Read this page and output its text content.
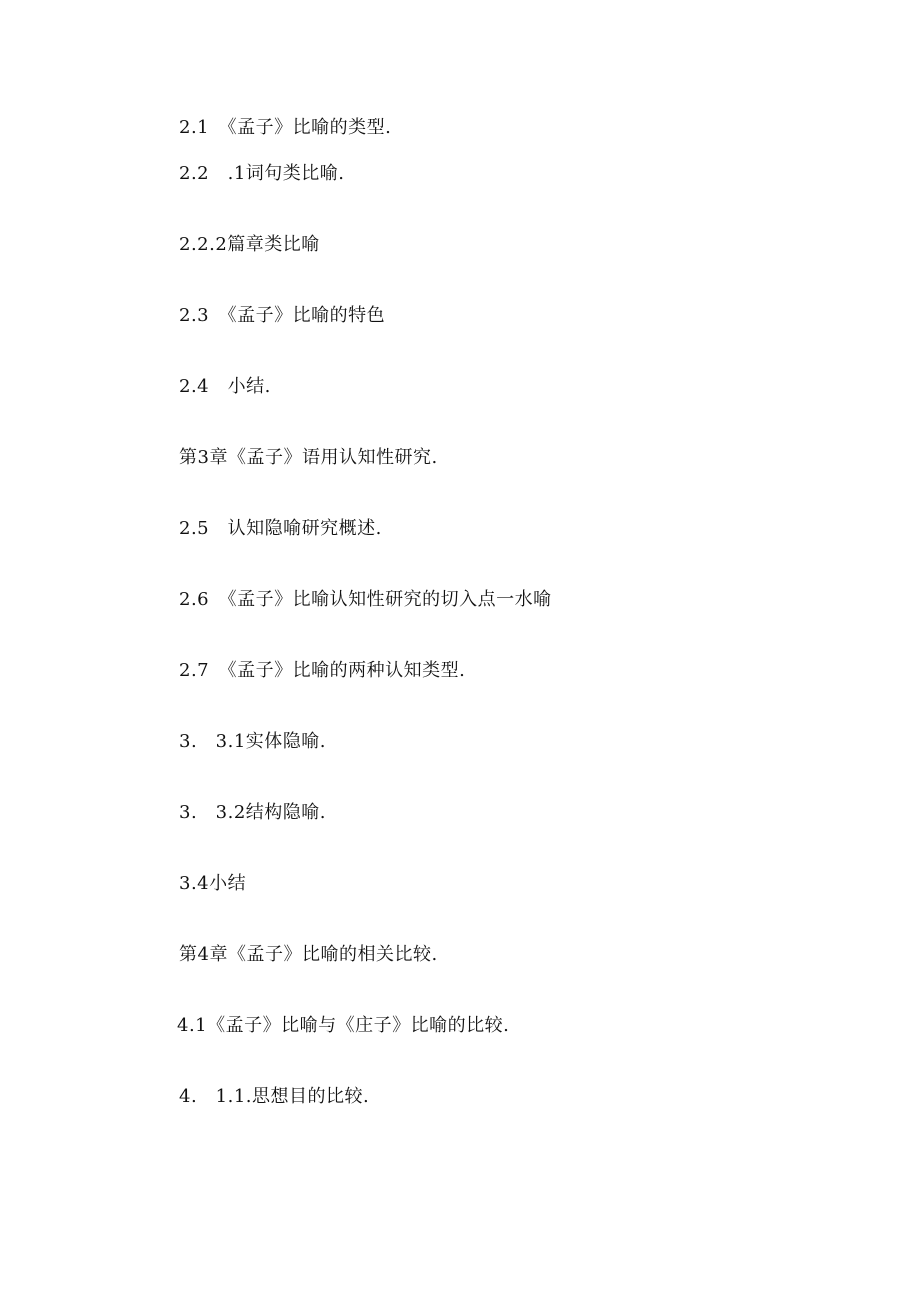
2.1　《孟子》比喻的类型.
2.2　.1词句类比喻.
2.2.2篇章类比喻
2.3　《孟子》比喻的特色
2.4　小结.
第3章《孟子》语用认知性研究.
2.5　认知隐喻研究概述.
2.6　《孟子》比喻认知性研究的切入点一水喻
2.7　《孟子》比喻的两种认知类型.
3.　3.1实体隐喻.
3.　3.2结构隐喻.
3.4小结
第4章《孟子》比喻的相关比较.
4.1《孟子》比喻与《庄子》比喻的比较.
4.　1.1.思想目的比较.
